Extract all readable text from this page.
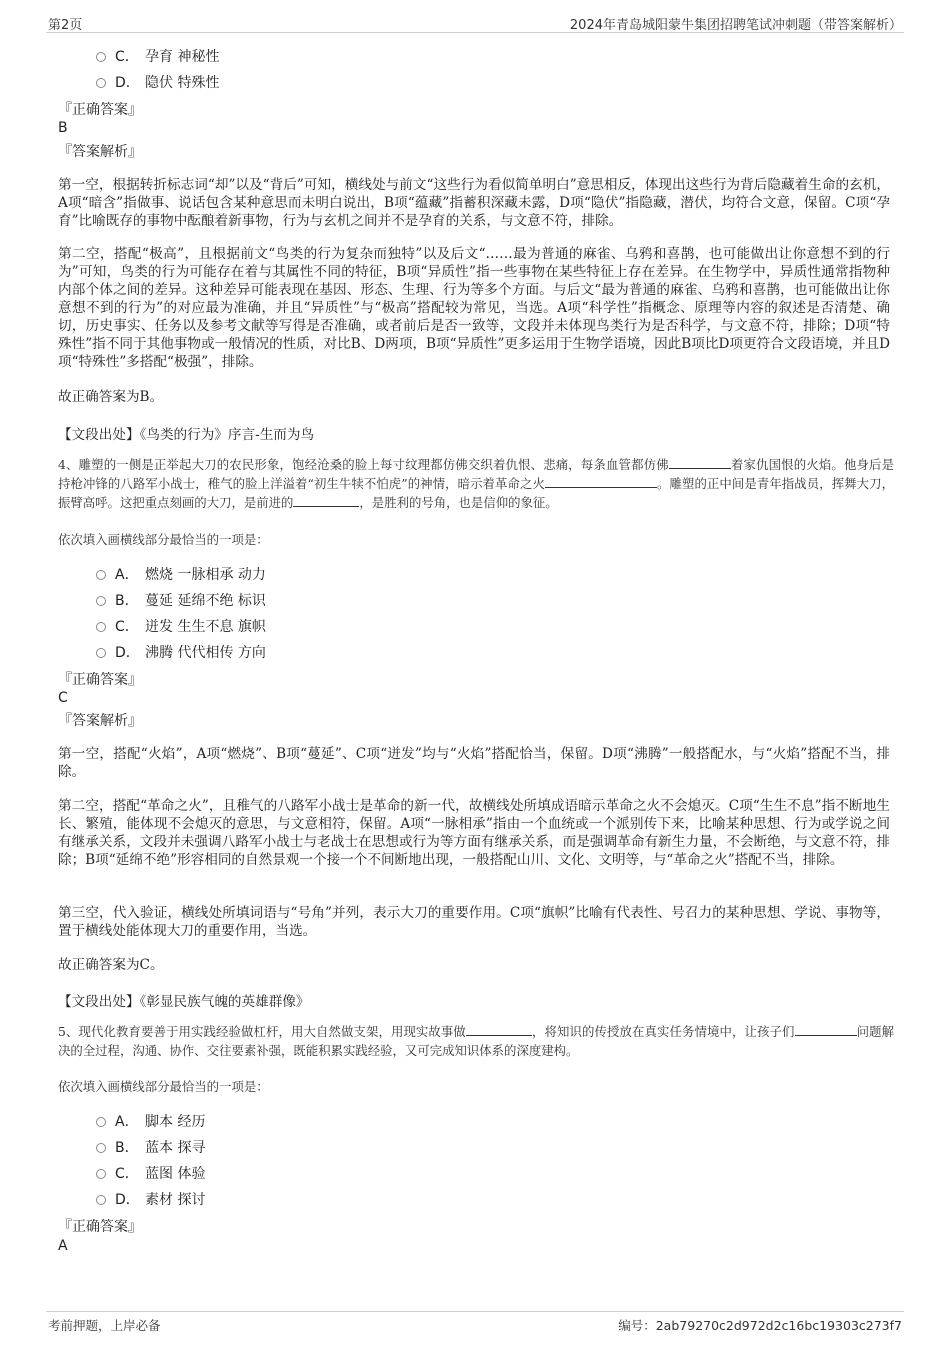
第2页	2024年青岛城阳蒙牛集团招聘笔试冲刺题（带答案解析）
C． 孕育 神秘性
D． 隐伏 特殊性
『正确答案』
B
『答案解析』
第一空，根据转折标志词“却”以及“背后”可知，横线处与前文“这些行为看似简单明白”意思相反，体现出这些行为背后隐藏着生命的玄机，A项“暗含”指做事、说话包含某种意思而未明白说出，B项“蕴藏”指蓄积深藏未露，D项“隐伏”指隐藏，潜伏，均符合文意，保留。C项“孕育”比喻既存的事物中酝酿着新事物，行为与玄机之间并不是孕育的关系，与文意不符，排除。
第二空，搭配“极高”，且根据前文“鸟类的行为复杂而独特”以及后文“……最为普通的麻雀、乌鸦和喜鹊，也可能做出让你意想不到的行为”可知，鸟类的行为可能存在着与其属性不同的特征，B项“异质性”指一些事物在某些特征上存在差异。在生物学中，异质性通常指物种内部个体之间的差异。这种差异可能表现在基因、形态、生理、行为等多个方面。与后文“最为普通的麻雀、乌鸦和喜鹊，也可能做出让你意想不到的行为”的对应最为准确，并且“异质性”与“极高”搭配较为常见，当选。A项“科学性”指概念、原理等内容的叙述是否清楚、确切，历史事实、任务以及参考文献等写得是否准确，或者前后是否一致等，文段并未体现鸟类行为是否科学，与文意不符，排除；D项“特殊性”指不同于其他事物或一般情况的性质，对比B、D两项，B项“异质性”更多运用于生物学语境，因此B项比D项更符合文段语境，并且D项“特殊性”多搭配“极强”，排除。
故正确答案为B。
【文段出处】《鸟类的行为》序言-生而为鸟
4、雕塑的一侧是正举起大刀的农民形象，饱经沧桑的脸上每寸纹理都仿佛交织着仇恨、悲痛，每条血管都仿佛	着家仇国恨的火焰。他身后是持枪冲锋的八路军小战士，稚气的脸上洋溢着“初生牛犊不怕虎”的神情，暗示着革命之火	。雕塑的正中间是青年指战员，挥舞大刀，振臂高呼。这把重点刻画的大刀，是前进的	，是胜利的号角，也是信仰的象征。
依次填入画横线部分最恰当的一项是：
A． 燃烧 一脉相承 动力
B． 蔓延 延绵不绝 标识
C． 迸发 生生不息 旗帜
D． 沸腾 代代相传 方向
『正确答案』
C
『答案解析』
第一空，搭配“火焰”，A项“燃烧”、B项“蔓延”、C项“迸发”均与“火焰”搭配恰当，保留。D项“沸腾”一般搭配水，与“火焰”搭配不当，排除。
第二空，搭配“革命之火”，且稚气的八路军小战士是革命的新一代，故横线处所填成语暗示革命之火不会熄灭。C项“生生不息”指不断地生长、繁殖，能体现不会熄灭的意思，与文意相符，保留。A项“一脉相承”指由一个血统或一个派别传下来，比喻某种思想、行为或学说之间有继承关系，文段并未强调八路军小战士与老战士在思想或行为等方面有继承关系，而是强调革命有新生力量，不会断绝，与文意不符，排除；B项“延绵不绝”形容相同的自然景观一个接一个不间断地出现，一般搭配山川、文化、文明等，与“革命之火”搭配不当，排除。
第三空，代入验证，横线处所填词语与“号角”并列，表示大刀的重要作用。C项“旗帜”比喻有代表性、号召力的某种思想、学说、事物等，置于横线处能体现大刀的重要作用，当选。
故正确答案为C。
【文段出处】《彰显民族气魄的英雄群像》
5、现代化教育要善于用实践经验做杠杆，用大自然做支架，用现实故事做	，将知识的传授放在真实任务情境中，让孩子们	问题解决的全过程，沟通、协作、交往要素补强，既能积累实践经验，又可完成知识体系的深度建构。
依次填入画横线部分最恰当的一项是：
A． 脚本 经历
B． 蓝本 探寻
C． 蓝图 体验
D． 素材 探讨
『正确答案』
A
考前押题，上岸必备	编号：2ab79270c2d972d2c16bc19303c273f7
